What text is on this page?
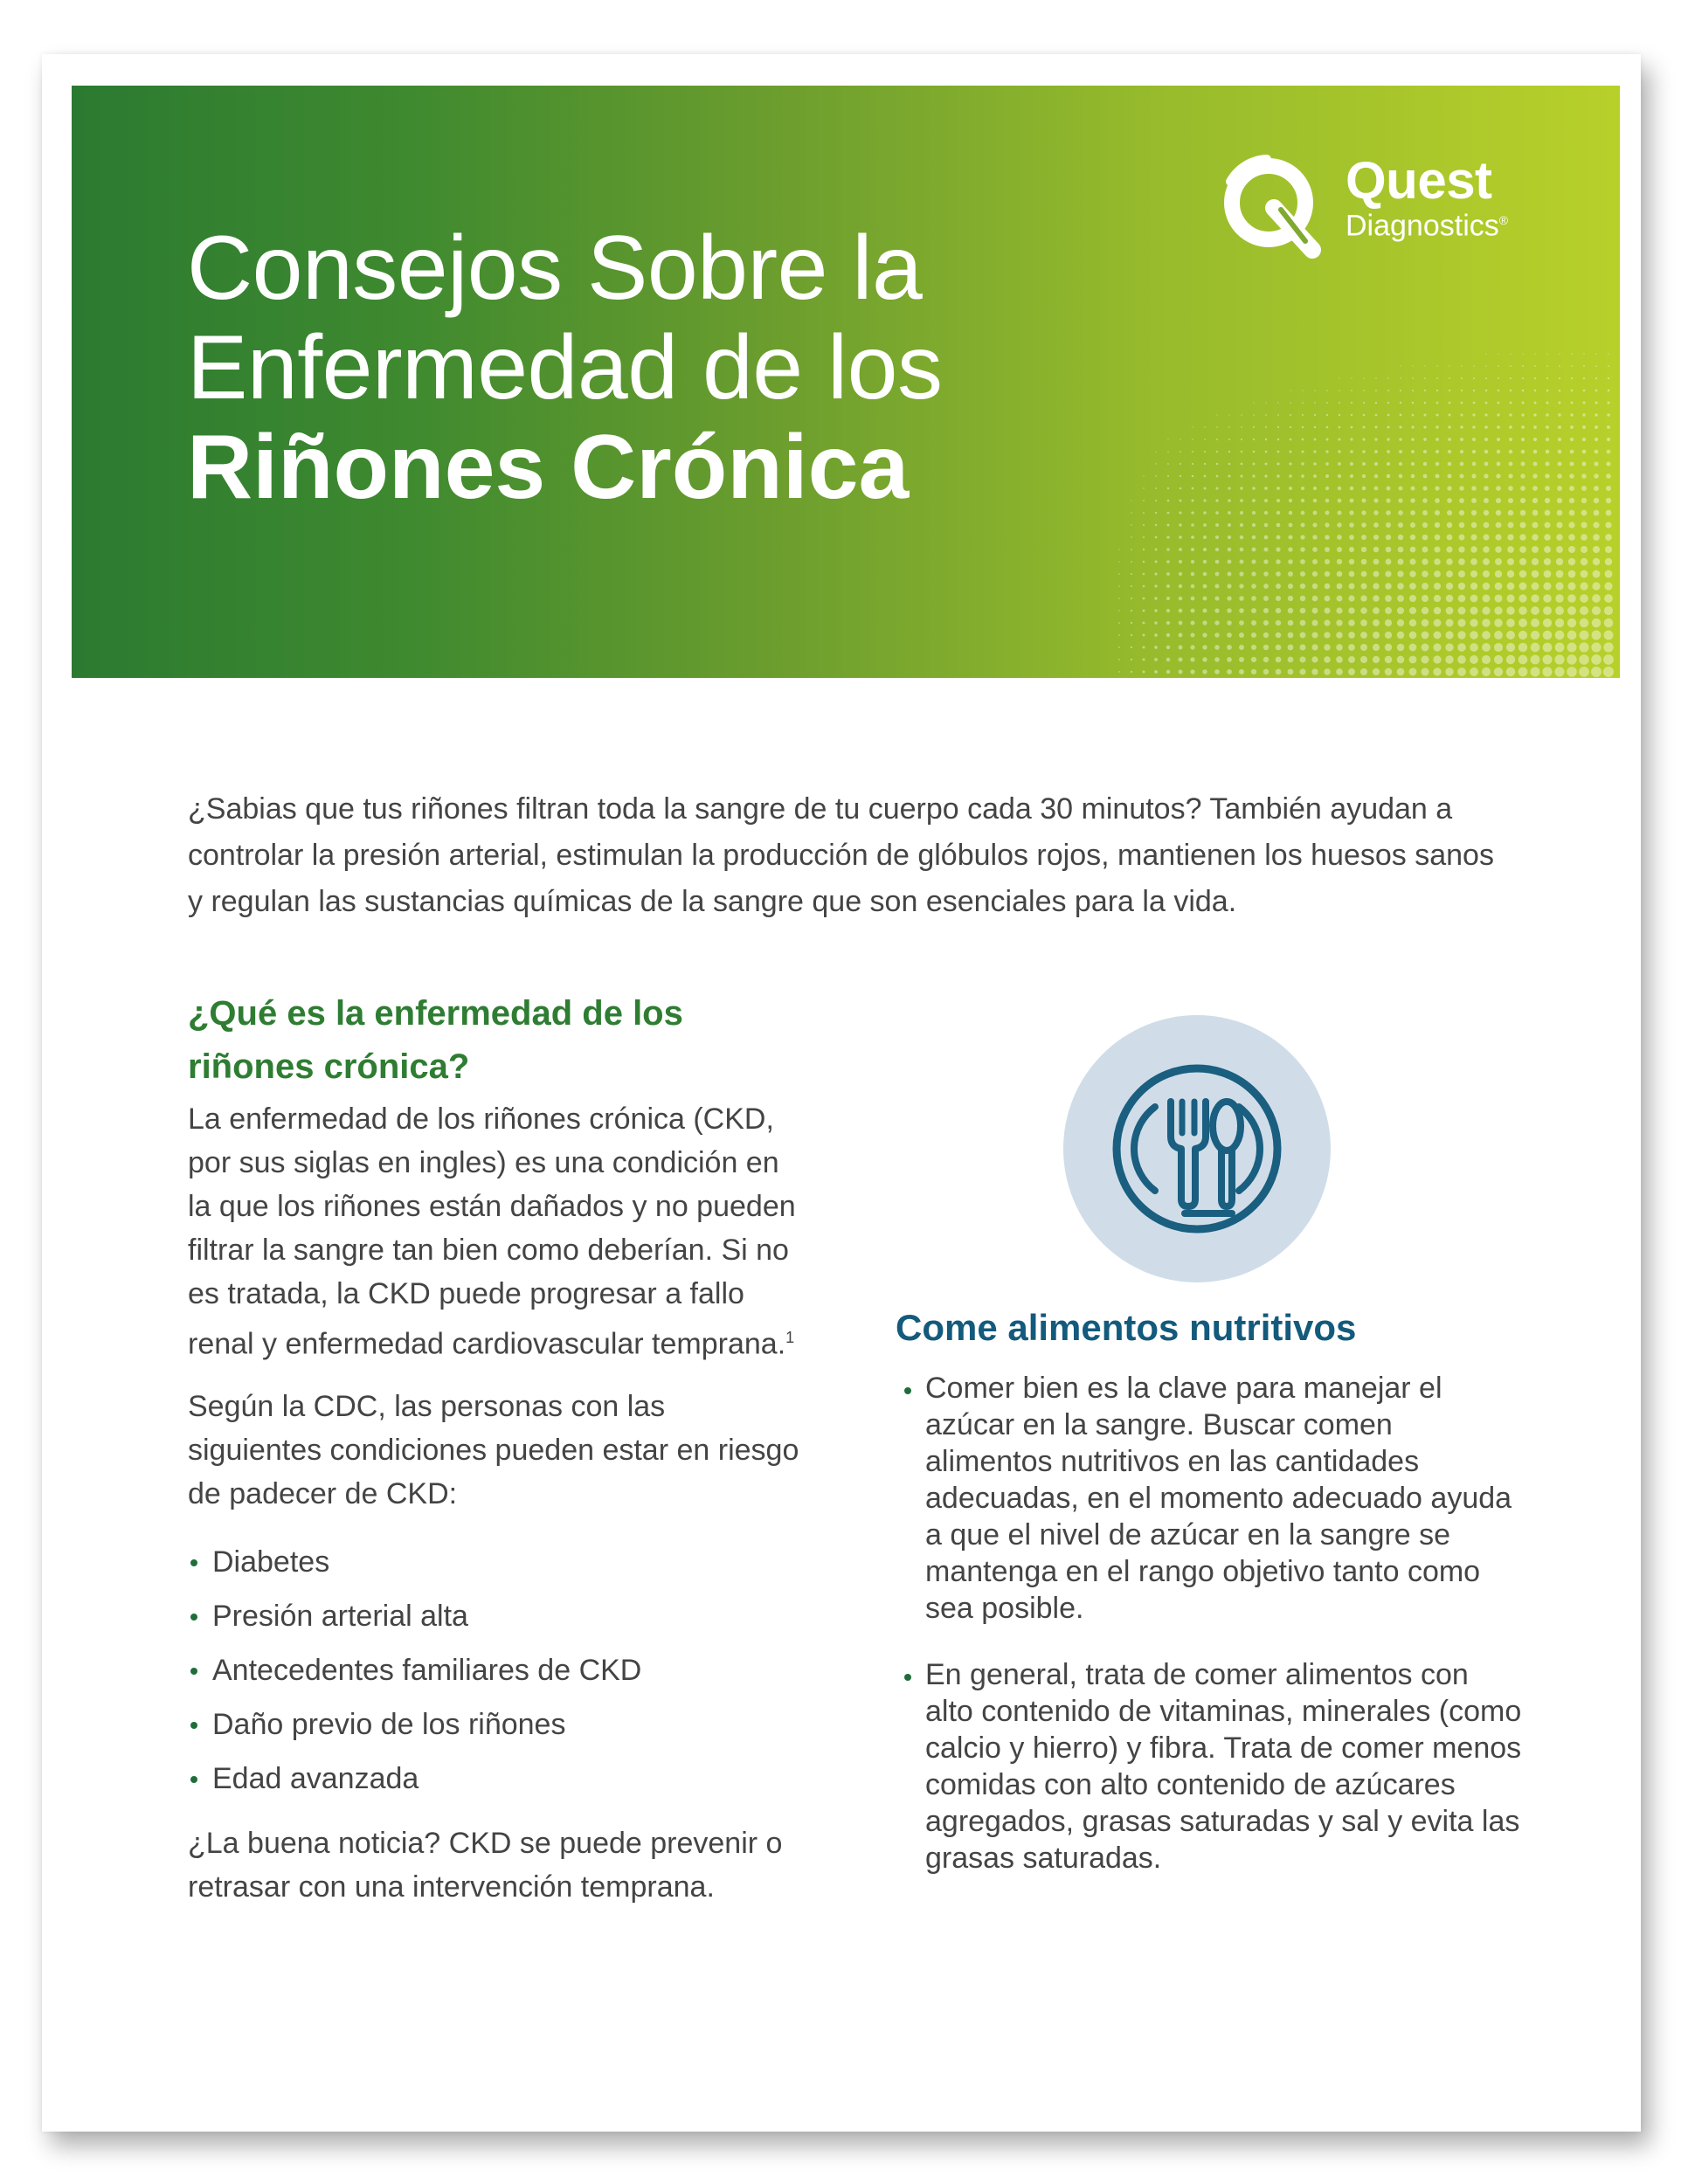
Consejos Sobre la
Enfermedad de los
Riñones Crónica
Quest
Diagnostics®

¿Sabias que tus riñones filtran toda la sangre de tu cuerpo cada 30 minutos? También ayudan a controlar la presión arterial, estimulan la producción de glóbulos rojos, mantienen los huesos sanos y regulan las sustancias químicas de la sangre que son esenciales para la vida.

¿Qué es la enfermedad de los
riñones crónica?

La enfermedad de los riñones crónica (CKD, por sus siglas en ingles) es una condición en la que los riñones están dañados y no pueden filtrar la sangre tan bien como deberían. Si no es tratada, la CKD puede progresar a fallo renal y enfermedad cardiovascular temprana.$^1$

Según la CDC, las personas con las siguientes condiciones pueden estar en riesgo de padecer de CKD:

Diabetes
Presión arterial alta
Antecedentes familiares de CKD
Daño previo de los riñones
Edad avanzada

¿La buena noticia? CKD se puede prevenir o retrasar con una intervención temprana.

Come alimentos nutritivos
Comer bien es la clave para manejar el azúcar en la sangre. Buscar comen alimentos nutritivos en las cantidades adecuadas, en el momento adecuado ayuda a que el nivel de azúcar en la sangre se mantenga en el rango objetivo tanto como sea posible.
En general, trata de comer alimentos con alto contenido de vitaminas, minerales (como calcio y hierro) y fibra. Trata de comer menos comidas con alto contenido de azúcares agregados, grasas saturadas y sal y evita las grasas saturadas.
